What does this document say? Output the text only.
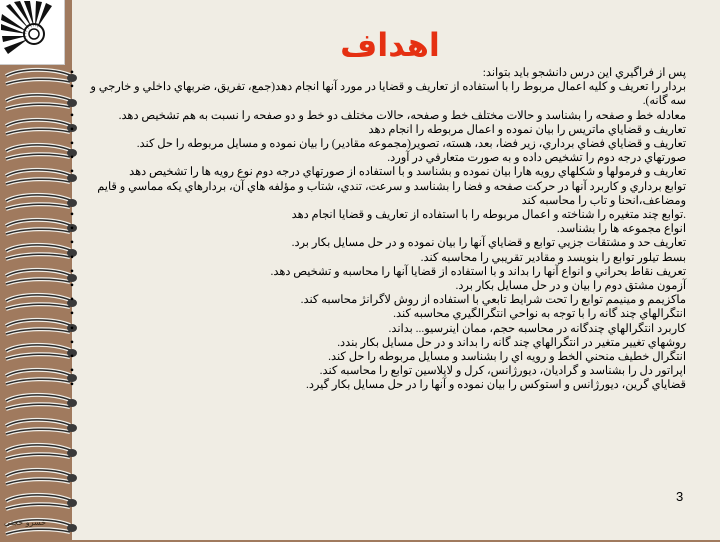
اهداف
پس از فراگیري این درس دانشجو باید بتواند:
•
بردار را تعریف و کلیه اعمال مربوط را با استفاده از تعاریف و قضایا در مورد آنها انجام دهد(جمع، تفریق، ضربهاي داخلي و خارجي و سه گانه).
•
معادله خط و صفحه را بشناسد و حالات مختلف خط و صفحه، حالات مختلف دو خط و دو صفحه را نسبت به هم تشخیص دهد.
•
تعاریف و قضایاي ماتریس را بیان نموده و اعمال مربوطه را انجام دهد
•
تعاریف و قضایاي فضاي برداري، زیر فضا، بعد، هسته، تصویر(مجموعه مقادیر) را بیان نموده و مسایل مربوطه را حل کند.
•
صورتهاي درجه دوم را تشخیص داده و به صورت متعارفي در آورد.
•
تعاریف و فرمولها و شکلهاي رویه هارا بیان نموده و بشناسد و با استفاده از صورتهاي درجه دوم نوع رویه ها را تشخیص دهد
•
توابع برداري و کاربرد آنها در حرکت صفحه و فضا را بشناسد و سرعت، تندي، شتاب و مؤلفه هاي آن، بردارهاي یکه مماسي و قایم ومضاعف،انحنا و تاب را محاسبه کند
.توابع چند متغیره را شناخته و اعمال مربوطه را با استفاده از تعاریف و قضایا انجام دهد
•
انواع مجموعه ها را بشناسد.
•
تعاریف حد و مشتقات جزیي توابع و قضایاي آنها را بیان نموده و در حل مسایل بکار برد.
•
بسط تیلور توابع را بنویسد و مقادیر تقریبي را محاسبه کند.
•
تعریف نقاط بحراني و انواع آنها را بداند و با استفاده از قضایا آنها را محاسبه و تشخیص دهد.
•
آزمون مشتق دوم را بیان و در حل مسایل بکار برد.
•
ماکزیمم و مینیمم توابع را تحت شرایط تابعي با استفاده از روش لاگرانژ محاسبه کند.
•
انتگرالهاي چند گانه را با توجه به نواحي انتگرالگیري محاسبه کند.
•
کاربرد انتگرالهاي چندگانه در محاسبه حجم، ممان اینرسیو... بداند.
•
روشهاي تغییر متغیر در انتگرالهاي چند گانه را بداند و در حل مسایل بکار بندد.
•
انتگرال خطیف منحني الخط و رویه اي را بشناسد و مسایل مربوطه را حل کند.
•
اپراتور دل را بشناسد و گرادیان، دیورژانس، کرل و لاپلاسین توابع را محاسبه کند.
•
قضایاي گرین، دیورژانس و استوکس را بیان نموده و آنها را در حل مسایل بکار گیرد.
•
3
خسرو حجتی
